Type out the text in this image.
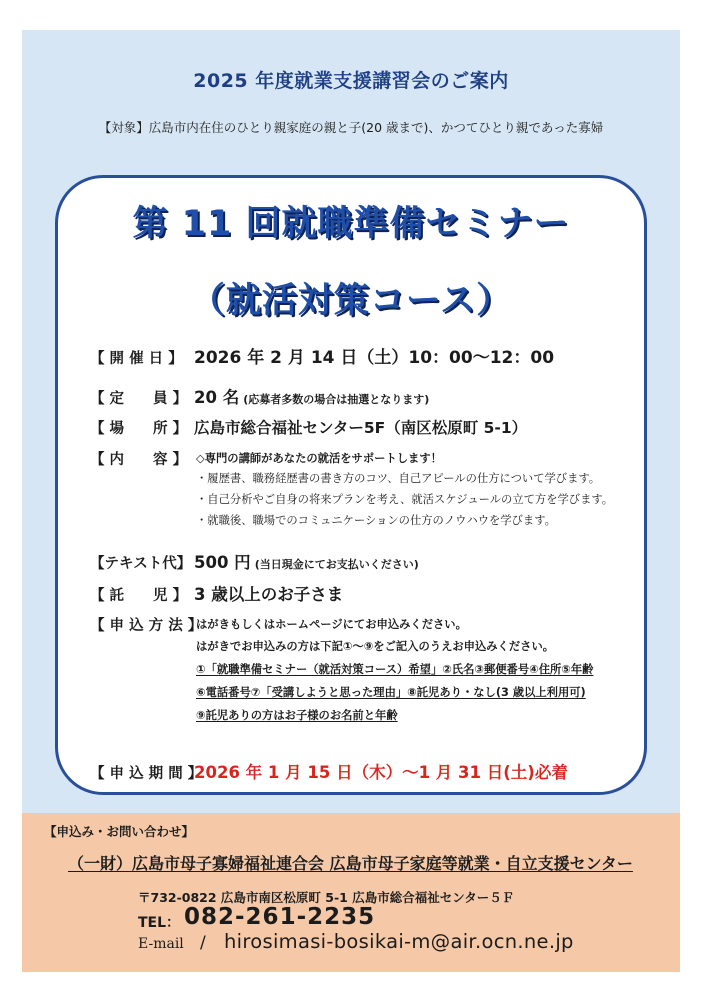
2025 年度就業支援講習会のご案内
【対象】広島市内在住のひとり親家庭の親と子(20 歳まで)、かつてひとり親であった寡婦
第 11 回就職準備セミナー
（就活対策コース）
【 開 催 日 】 2026 年 2 月 14 日（土）10：00～12：00
【 定　　員 】 20 名 (応募者多数の場合は抽選となります)
【 場　　所 】 広島市総合福祉センター5F（南区松原町 5-1）
【 内　　容 】 ◇専門の講師があなたの就活をサポートします！
・履歴書、職務経歴書の書き方のコツ、自己アピールの仕方について学びます。
・自己分析やご自身の将来プランを考え、就活スケジュールの立て方を学びます。
・就職後、職場でのコミュニケーションの仕方のノウハウを学びます。
【テキスト代】 500 円 (当日現金にてお支払いください)
【 託　　児 】 3 歳以上のお子さま
【 申 込 方 法 】
はがきもしくはホームページにてお申込みください。
はがきでお申込みの方は下記①～⑨をご記入のうえお申込みください。
①「就職準備セミナー（就活対策コース）希望」②氏名③郵便番号④住所⑤年齢
⑥電話番号⑦「受講しようと思った理由」⑧託児あり・なし(3 歳以上利用可)
⑨託児ありの方はお子様のお名前と年齢
【 申 込 期 間 】
2026 年 1 月 15 日（木）～1 月 31 日(土)必着
【申込み・お問い合わせ】
（一財）広島市母子寡婦福祉連合会 広島市母子家庭等就業・自立支援センター
〒732-0822 広島市南区松原町 5-1 広島市総合福祉センター５Ｆ
TEL： 082-261-2235
E-mail / hirosimasi-bosikai-m@air.ocn.ne.jp
